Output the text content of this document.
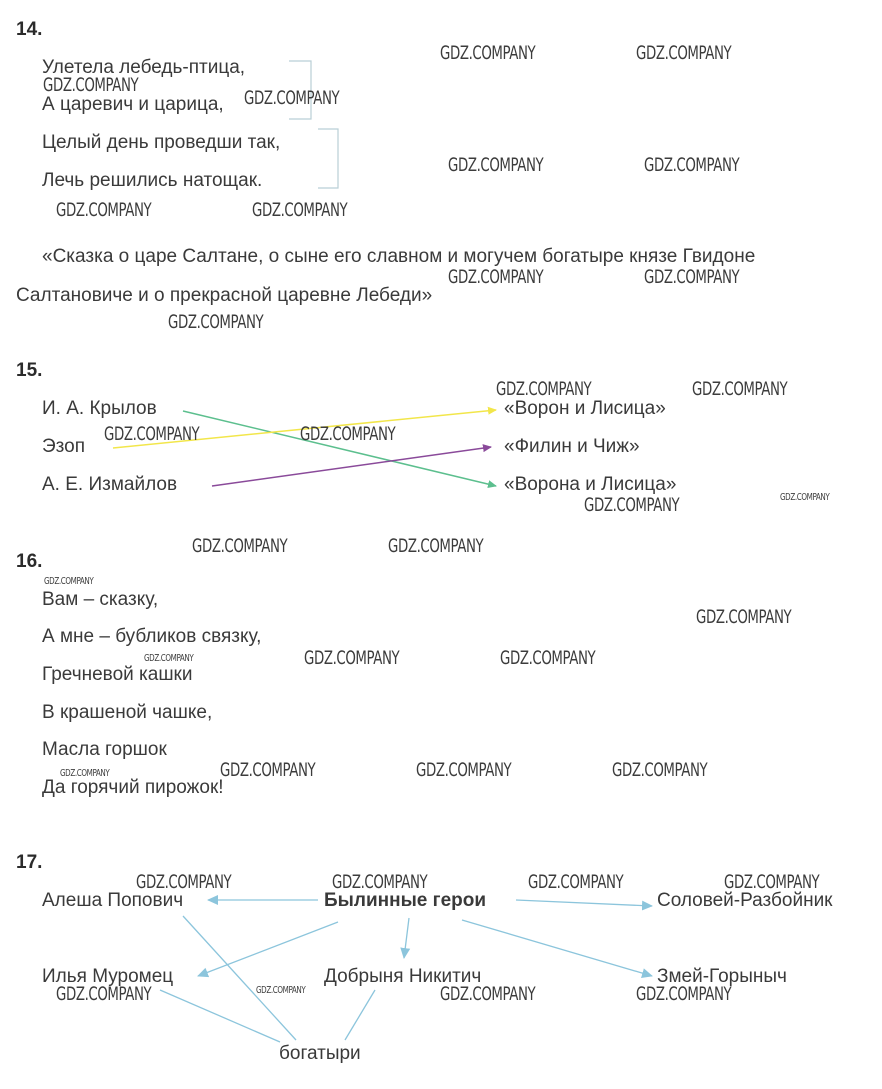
14.
Улетела лебедь-птица,
А царевич и царица,
Целый день проведши так,
Лечь решились натощак.
«Сказка о царе Салтане, о сыне его славном и могучем богатыре князе Гвидоне
Салтановиче и о прекрасной царевне Лебеди»
15.
И. А. Крылов
Эзоп
А. Е. Измайлов
«Ворон и Лисица»
«Филин и Чиж»
«Ворона и Лисица»
16.
Вам – сказку,
А мне – бубликов связку,
Гречневой кашки
В крашеной чашке,
Масла горшок
Да горячий пирожок!
17.
Былинные герои
Алеша Попович	Соловей-Разбойник
Илья Муромец	Добрыня Никитич	Змей-Горыныч
богатыри
GDZ.COMPANY	GDZ.COMPANY
GDZ.COMPANY
GDZ.COMPANY
GDZ.COMPANY	GDZ.COMPANY
GDZ.COMPANY	GDZ.COMPANY
GDZ.COMPANY	GDZ.COMPANY
GDZ.COMPANY
GDZ.COMPANY	GDZ.COMPANY
GDZ.COMPANY	GDZ.COMPANY
GDZ.COMPANY
GDZ.COMPANY
GDZ.COMPANY	GDZ.COMPANY
GDZ.COMPANY
GDZ.COMPANY
GDZ.COMPANY	GDZ.COMPANY	GDZ.COMPANY
GDZ.COMPANY	GDZ.COMPANY	GDZ.COMPANY	GDZ.COMPANY
GDZ.COMPANY	GDZ.COMPANY	GDZ.COMPANY	GDZ.COMPANY
GDZ.COMPANY	GDZ.COMPANY	GDZ.COMPANY	GDZ.COMPANY
